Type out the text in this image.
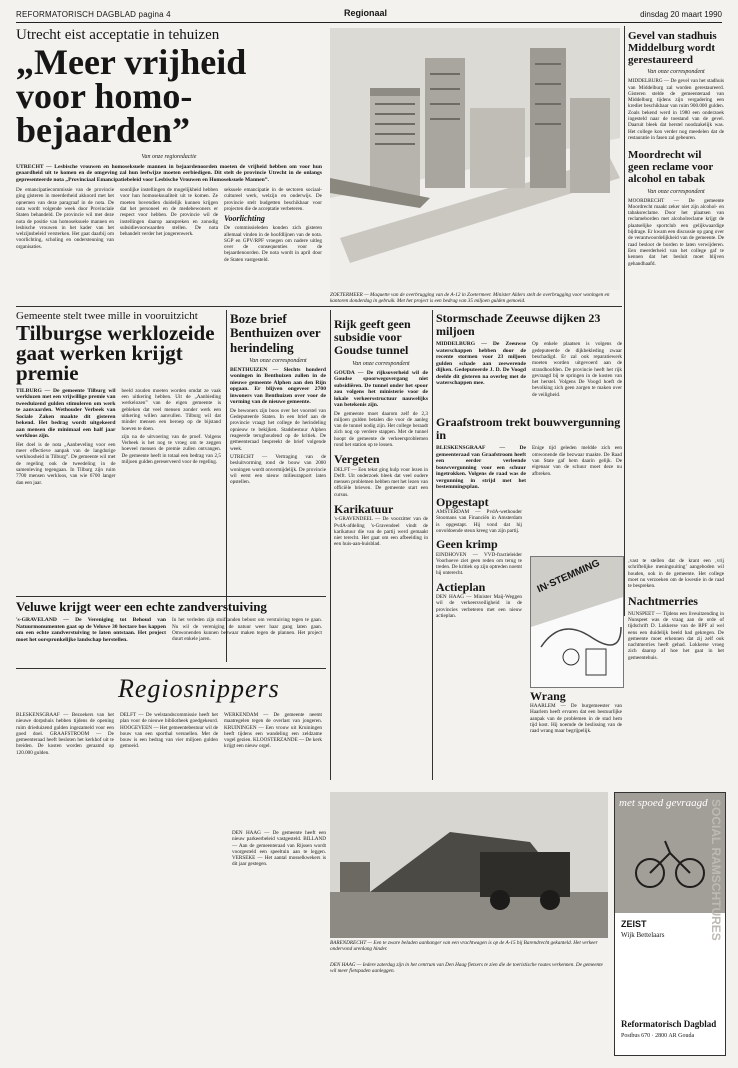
REFORMATORISCH DAGBLAD pagina 4	Regionaal	dinsdag 20 maart 1990
Utrecht eist acceptatie in tehuizen
„Meer vrijheid voor homo-bejaarden”
Van onze regioredactie
UTRECHT — Lesbische vrouwen en homoseksuele mannen in bejaardenoorden moeten de vrijheid hebben om voor hun geaardheid uit te komen en de omgeving zal hun leefwijze moeten eerbiedigen. Dit stelt de provincie Utrecht in de onlangs gepresenteerde nota „Provinciaal Emancipatiebeleid voor Lesbische Vrouwen en Homoseksuele Mannen”.
De emancipatiecommissie van de provincie ging gisteren in meerderheid akkoord met het opnemen van deze paragraaf in de nota. De nota wordt volgende week door Provinciale Staten behandeld. De provincie wil met deze nota de positie van homoseksuele mannen en lesbische vrouwen in het kader van het welzijnsbeleid versterken. Het gaat daarbij om voorlichting, scholing en ondersteuning van organisaties.
soonlijke instellingen de mogelijkheid hebben voor hun homoseksualiteit uit te komen. Ze moeten bovendien duidelijk kunnen krijgen dat het personeel en de medebewoners er respect voor hebben. De provincie wil de instellingen daarop aanspreken en zonodig subsidievoorwaarden stellen. De nota behandelt verder het jongerenwerk.
seksuele emancipatie in de sectoren sociaal-cultureel werk, welzijn en onderwijs. De provincie stelt budgetten beschikbaar voor projecten die de acceptatie verbeteren.
Voorlichting
De commissieleden konden zich gisteren allemaal vinden in de hoofdlijnen van de nota. SGP en GPV/RPF vroegen om nadere uitleg over de consequenties voor de bejaardenoorden. De nota wordt in april door de Staten vastgesteld.
ZOETERMEER — Maquette van de overbrugging van de A-12 in Zoetermeer. Minister Alders stelt de overbrugging voor woningen en kantoren donderdag in gebruik. Met het project is een bedrag van 35 miljoen gulden gemoeid.
Gevel van stadhuis Middelburg wordt gerestaureerd
Van onze correspondent
MIDDELBURG — De gevel van het stadhuis van Middelburg zal worden gerestaureerd. Gisteren stelde de gemeenteraad van Middelburg tijdens zijn vergadering een krediet beschikbaar van ruim 900.000 gulden. Zoals bekend werd in 1980 een onderzoek ingesteld naar de toestand van de gevel. Daaruit bleek dat herstel noodzakelijk was. Het college kon verder nog meedelen dat de restauratie in fasen zal gebeuren.
Moordrecht wil geen reclame voor alcohol en tabak
Van onze correspondent
MOORDRECHT — De gemeente Moordrecht maakt zeker niet zijn alcohol- en tabaksreclame. Door het plaatsen van reclameborden met alcoholreclame krijgt de plaatselijke sportclub een gelijkwaardige bijdrage. Er kwam een discussie op gang over de verantwoordelijkheid van de gemeente. De raad besloot de borden te laten verwijderen. Een meerderheid van het college gaf te kennen dat het besluit moet blijven gehandhaafd.
‚vast te stellen dat de krant een ‚vrij schriftelijke meningsuiting’ aangeboden wil houden, ook in de gemeente. Het college moet nu verzoeken om de kwestie in de raad te bespreken.
Nachtmerries
NUNSPEET — Tijdens een liveuitzending in Nunspeet was de vraag aan de orde of tijdschrift D. Lokkerse van de RPF al wel eens een duidelijk beeld had gekregen. De gemeente moet erkennen dat zij zelf ook nachtmerries heeft gehad. Lokkerse vroeg zich daarop af hoe het gaat in het gemeentehuis.
Gemeente stelt twee mille in vooruitzicht
Tilburgse werklozeide gaat werken krijgt premie
TILBURG — De gemeente Tilburg wil werklozen met een vrijwillige premie van tweeduizend gulden stimuleren om werk te aanvaarden. Wethouder Verbeek van Sociale Zaken maakte dit gisteren bekend. Het bedrag wordt uitgekeerd aan mensen die minimaal een half jaar werkloos zijn.
Het doel is de nota „Aanbeveling voor een meer effectieve aanpak van de langdurige werkloosheid in Tilburg”. De gemeente wil met de regeling ook de tweedeling in de samenleving tegengaan. In Tilburg zijn ruim 7700 mensen werkloos, van wie 6700 langer dan een jaar.
beeld zouden moeten worden omdat ze vaak een uitkering hebben. Uit de „Aanbieding werkelozen” van de eigen gemeente is gebleken dat veel mensen zonder werk een uitkering willen aanvullen. Tilburg wil dat minder mensen een beroep op de bijstand hoeven te doen.
zijn na de uitvoering van de proef. Volgens Verbeek is het nog te vroeg om te zeggen hoeveel mensen de premie zullen ontvangen. De gemeente heeft in totaal een bedrag van 2,5 miljoen gulden gereserveerd voor de regeling.
Boze brief Benthuizen over herindeling
Van onze correspondent
BENTHUIZEN — Slechts honderd woningen in Benthuizen zullen in de nieuwe gemeente Alphen aan den Rijn opgaan. Er blijven ongeveer 2700 inwoners van Benthuizen over voor de vorming van de nieuwe gemeente.
De bewoners zijn boos over het voorstel van Gedeputeerde Staten. In een brief aan de provincie vraagt het college de herindeling opnieuw te bekijken. Stadsbestuur Alphen reageerde terughoudend op de kritiek. De gemeenteraad bespreekt de brief volgende week.
UTRECHT — Vertraging van de besluitvorming rond de bouw van 2000 woningen wordt onvermijdelijk. De provincie wil eerst een nieuw milieurapport laten opstellen.
Rijk geeft geen subsidie voor Goudse tunnel
Van onze correspondent
GOUDA — De rijksoverheid wil de Goudse spoorwegovergang niet subsidiëren. De tunnel onder het spoor zou volgens het ministerie voor de lokale verkeersstructuur nauwelijks van betekenis zijn.
De gemeente moet daarom zelf de 2,3 miljoen gulden betalen die voor de aanleg van de tunnel nodig zijn. Het college beraadt zich nog op verdere stappen. Met de tunnel hoopt de gemeente de verkeersproblemen rond het station op te lossen.
Vergeten
DELFT — Een tekst ging hulp voor lezen in Delft. Uit onderzoek bleek dat veel oudere mensen problemen hebben met het lezen van officiële brieven. De gemeente start een cursus.
Karikatuur
's-GRAVENDEEL — De voorzitter van de PvdA-afdeling 's-Gravendeel vindt de karikatuur die van de partij werd gemaakt niet terecht. Het gaat om een afbeelding in een huis-aan-huisblad.
Stormschade Zeeuwse dijken 23 miljoen
MIDDELBURG — De Zeeuwse waterschappen hebben door de recente stormen voor 23 miljoen gulden schade aan zeewerende dijken. Gedeputeerde J. D. De Voogd deelde dit gisteren na overleg met de waterschappen mee.
Op enkele plaatsen is volgens de gedeputeerde de dijkbekleding zwaar beschadigd. Er zal ook reparatiewerk moeten worden uitgevoerd aan de strandhoofden. De provincie heeft het rijk gevraagd bij te springen in de kosten van het herstel. Volgens De Voogd hoeft de bevolking zich geen zorgen te maken over de veiligheid.
Graafstroom trekt bouwvergunning in
BLESKENSGRAAF — De gemeenteraad van Graafstroom heeft een eerder verleende bouwvergunning voor een schuur ingetrokken. Volgens de raad was de vergunning in strijd met het bestemmingsplan.
Enige tijd geleden meldde zich een omwonende die bezwaar maakte. De Raad van State gaf hem daarin gelijk. De eigenaar van de schuur moet deze nu afbreken.
Opgestapt
AMSTERDAM — PvdA-wethouder Stoomans van Financiën in Amsterdam is opgestapt. Hij vond dat hij onvoldoende steun kreeg van zijn partij.
Geen krimp
EINDHOVEN — VVD-fractieleider Voorhoeve ziet geen reden om terug te treden. De kritiek op zijn optreden noemt hij onterecht.
Actieplan
DEN HAAG — Minister Maij-Weggen wil de verkeersveiligheid in de provincies verbeteren met een nieuw actieplan.
IN·STEMMING
Wrang
HAARLEM — De burgemeester van Haarlem heeft ervaren dat een bestuurlijke aanpak van de problemen in de stad hem tijd kost. Hij noemde de beslissing van de raad wrang maar begrijpelijk.
Veluwe krijgt weer een echte zandverstuiving
's-GRAVELAND — De Vereniging tot Behoud van Natuurmonumenten gaat op de Veluwe 30 hectare bos kappen om een echte zandverstuiving te laten ontstaan. Het project moet het oorspronkelijke landschap herstellen.
In het verleden zijn stuifzanden bebost om verstuiving tegen te gaan. Nu wil de vereniging de natuur weer haar gang laten gaan. Omwonenden kunnen bezwaar maken tegen de plannen. Het project duurt enkele jaren.
Regiosnippers
BLESKENSGRAAF — Bezoekers van het nieuwe dorpshuis hebben tijdens de opening ruim drieduizend gulden ingezameld voor een goed doel. GRAAFSTROOM — De gemeenteraad heeft besloten het kerkhof uit te breiden. De kosten worden geraamd op 120.000 gulden.
DELFT — De welstandscommissie heeft het plan voor de nieuwe bibliotheek goedgekeurd. HOOGEVEEN — Het gemeentebestuur wil de bouw van een sporthal versnellen. Met de bouw is een bedrag van vier miljoen gulden gemoeid.
WERKENDAM — De gemeente neemt maatregelen tegen de overlast van jongeren. KRUININGEN — Een vrouw uit Kruiningen heeft tijdens een wandeling een zeldzame vogel gezien. KLOOSTERZANDE — De kerk krijgt een nieuw orgel.
DEN HAAG — De gemeente heeft een nieuw parkeerbeleid vastgesteld. BILLAND — Aan de gemeenteraad van Rijssen wordt voorgesteld een speeltuin aan te leggen. VERSEKE — Het aantal mosselkwekers is dit jaar gestegen.
BARENDRECHT — Een te zware beladen aanhanger van een vrachtwagen is op de A-15 bij Barendrecht gekanteld. Het verkeer ondervond urenlang hinder.
DEN HAAG — Iedere zaterdag zijn in het centrum van Den Haag fietsers te zien die de toeristische routes verkennen. De gemeente wil meer fietspaden aanleggen.
met spoed gevraagd
ZEIST
Wijk Bettelaars	SOCIAL RAMSCHTURES
Reformatorisch Dagblad
Postbus 670 · 2800 AR Gouda
